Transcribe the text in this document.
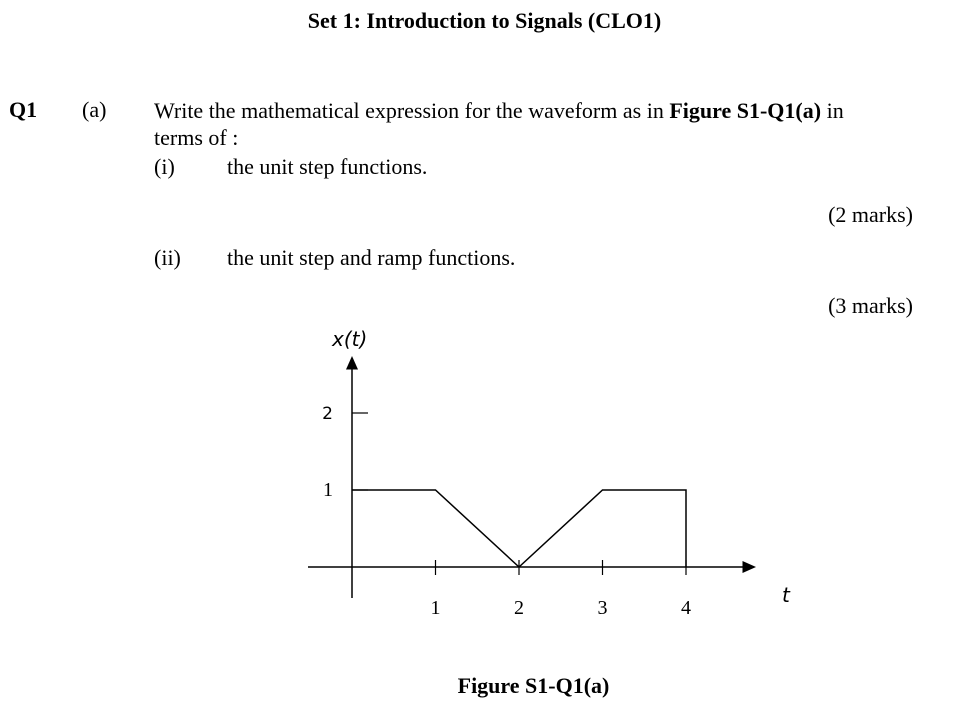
Set 1: Introduction to Signals (CLO1)
Q1 (a) Write the mathematical expression for the waveform as in Figure S1-Q1(a) in
terms of :
(i) the unit step functions.
(2 marks)
(ii) the unit step and ramp functions.
(3 marks)
1	2	3	4
1
2
x(t)
t
Figure S1-Q1(a)
